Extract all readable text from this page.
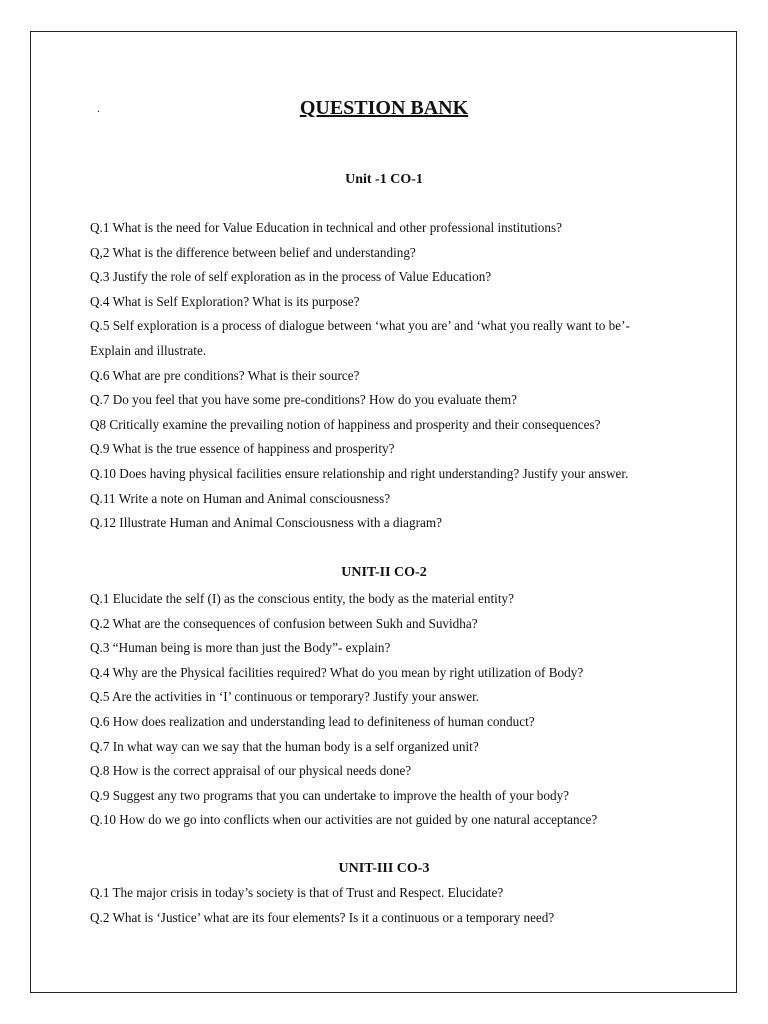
.	QUESTION BANK
Unit -1 CO-1
Q.1 What is the need for Value Education in technical and other professional institutions?
Q,2 What is the difference between belief and understanding?
Q.3 Justify the role of self exploration as in the process of Value Education?
Q.4 What is Self Exploration? What is its purpose?
Q.5 Self exploration is a process of dialogue between ‘what you are’ and ‘what you really want to be’- Explain and illustrate.
Q.6 What are pre conditions? What is their source?
Q.7 Do you feel that you have some pre-conditions? How do you evaluate them?
Q8 Critically examine the prevailing notion of happiness and prosperity and their consequences?
Q.9 What is the true essence of happiness and prosperity?
Q.10 Does having physical facilities ensure relationship and right understanding? Justify your answer.
Q.11 Write a note on Human and Animal consciousness?
Q.12 Illustrate Human and Animal Consciousness with a diagram?
UNIT-II CO-2
Q.1 Elucidate the self (I) as the conscious entity, the body as the material entity?
Q.2 What are the consequences of confusion between Sukh and Suvidha?
Q.3 “Human being is more than just the Body”- explain?
Q.4 Why are the Physical facilities required? What do you mean by right utilization of Body?
Q.5 Are the activities in ‘I’ continuous or temporary? Justify your answer.
Q.6 How does realization and understanding lead to definiteness of human conduct?
Q.7 In what way can we say that the human body is a self organized unit?
Q.8 How is the correct appraisal of our physical needs done?
Q.9 Suggest any two programs that you can undertake to improve the health of your body?
Q.10 How do we go into conflicts when our activities are not guided by one natural acceptance?
UNIT-III CO-3
Q.1 The major crisis in today’s society is that of Trust and Respect. Elucidate?
Q.2 What is ‘Justice’ what are its four elements? Is it a continuous or a temporary need?
